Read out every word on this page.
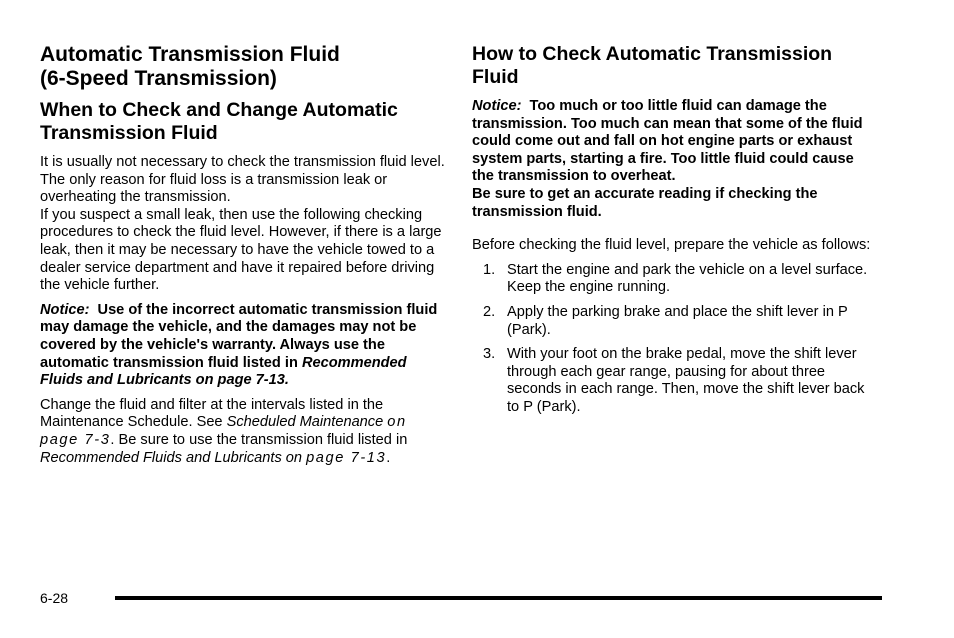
Automatic Transmission Fluid
(6-Speed Transmission)
When to Check and Change Automatic Transmission Fluid

It is usually not necessary to check the transmission fluid level. The only reason for fluid loss is a transmission leak or overheating the transmission.
If you suspect a small leak, then use the following checking procedures to check the fluid level. However, if there is a large leak, then it may be necessary to have the vehicle towed to a dealer service department and have it repaired before driving the vehicle further.

Notice: Use of the incorrect automatic transmission fluid may damage the vehicle, and the damages may not be covered by the vehicle's warranty. Always use the automatic transmission fluid listed in Recommended Fluids and Lubricants on page 7-13.

Change the fluid and filter at the intervals listed in the Maintenance Schedule. See Scheduled Maintenance on page 7-3. Be sure to use the transmission fluid listed in Recommended Fluids and Lubricants on page 7-13.

How to Check Automatic Transmission Fluid

Notice: Too much or too little fluid can damage the transmission. Too much can mean that some of the fluid could come out and fall on hot engine parts or exhaust system parts, starting a fire. Too little fluid could cause the transmission to overheat.
Be sure to get an accurate reading if checking the transmission fluid.

Before checking the fluid level, prepare the vehicle as follows:

1. Start the engine and park the vehicle on a level surface. Keep the engine running.
2. Apply the parking brake and place the shift lever in P (Park).
3. With your foot on the brake pedal, move the shift lever through each gear range, pausing for about three seconds in each range. Then, move the shift lever back to P (Park).
6-28
